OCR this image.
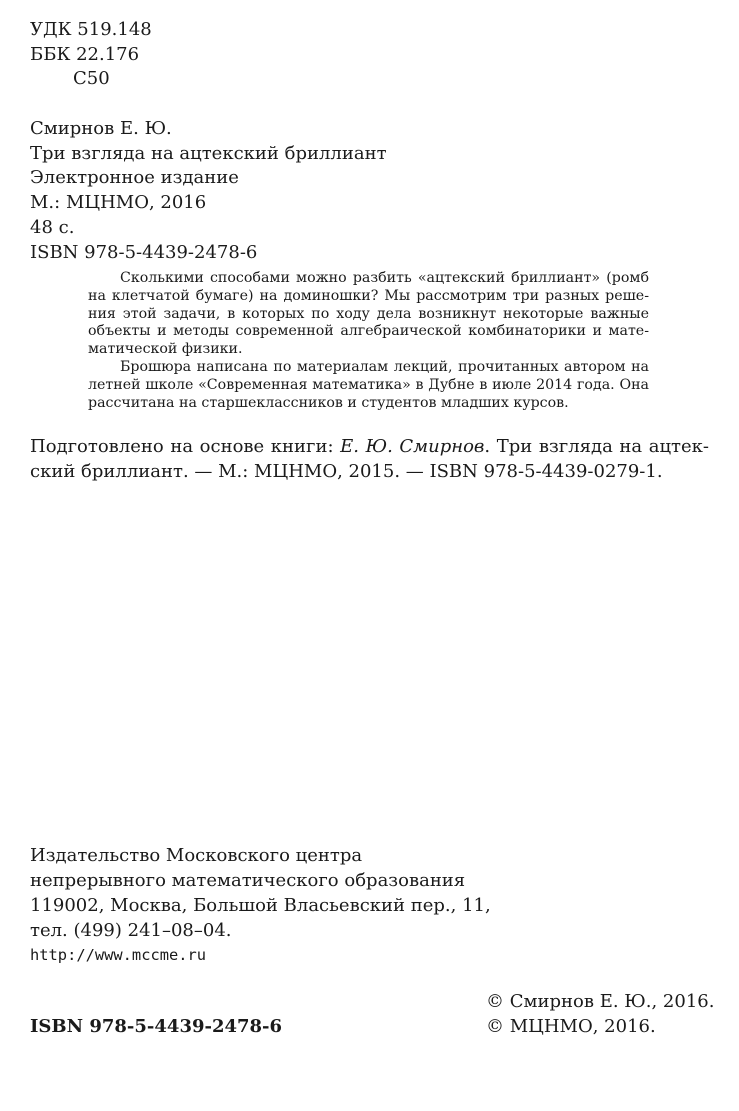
УДК 519.148
ББК 22.176
С50
Смирнов Е. Ю.
Три взгляда на ацтекский бриллиант
Электронное издание
М.: МЦНМО, 2016
48 с.
ISBN 978-5-4439-2478-6

Сколькими способами можно разбить «ацтекский бриллиант» (ромб на клетчатой бумаге) на доминошки? Мы рассмотрим три разных решения этой задачи, в которых по ходу дела возникнут некоторые важные объекты и методы современной алгебраической комбинаторики и математической физики.

Брошюра написана по материалам лекций, прочитанных автором на летней школе «Современная математика» в Дубне в июле 2014 года. Она рассчитана на старшеклассников и студентов младших курсов.

Подготовлено на основе книги: Е. Ю. Смирнов. Три взгляда на ацтекский бриллиант. — М.: МЦНМО, 2015. — ISBN 978-5-4439-0279-1.
Издательство Московского центра
непрерывного математического образования
119002, Москва, Большой Власьевский пер., 11,
тел. (499) 241–08–04.
http://www.mccme.ru
ISBN 978-5-4439-2478-6
© Смирнов Е. Ю., 2016.
© МЦНМО, 2016.
